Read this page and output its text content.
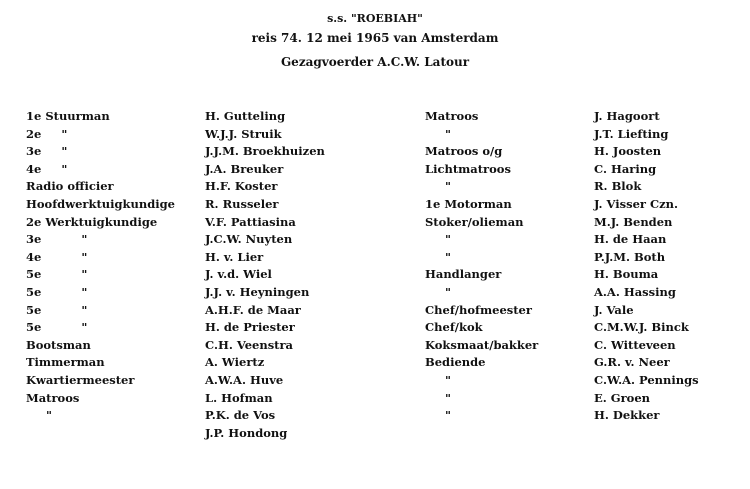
s.s. "ROEBIAH"
reis 74. 12 mei 1965 van Amsterdam
Gezagvoerder A.C.W. Latour
1e Stuurman
2e     "
3e     "
4e     "
Radio officier
Hoofdwerktuigkundige
2e Werktuigkundige
3e          "
4e          "
5e          "
5e          "
5e          "
5e          "
Bootsman
Timmerman
Kwartiermeester
Matroos
"
H. Gutteling
W.J.J. Struik
J.J.M. Broekhuizen
J.A. Breuker
H.F. Koster
R. Russeler
V.F. Pattiasina
J.C.W. Nuyten
H. v. Lier
J. v.d. Wiel
J.J. v. Heyningen
A.H.F. de Maar
H. de Priester
C.H. Veenstra
A. Wiertz
A.W.A. Huve
L. Hofman
P.K. de Vos
J.P. Hondong
Matroos
"
Matroos o/g
Lichtmatroos
"
1e Motorman
Stoker/olieman
"
"
Handlanger
"
Chef/hofmeester
Chef/kok
Koksmaat/bakker
Bediende
"
"
"
J. Hagoort
J.T. Liefting
H. Joosten
C. Haring
R. Blok
J. Visser Czn.
M.J. Benden
H. de Haan
P.J.M. Both
H. Bouma
A.A. Hassing
J. Vale
C.M.W.J. Binck
C. Witteveen
G.R. v. Neer
C.W.A. Pennings
E. Groen
H. Dekker
